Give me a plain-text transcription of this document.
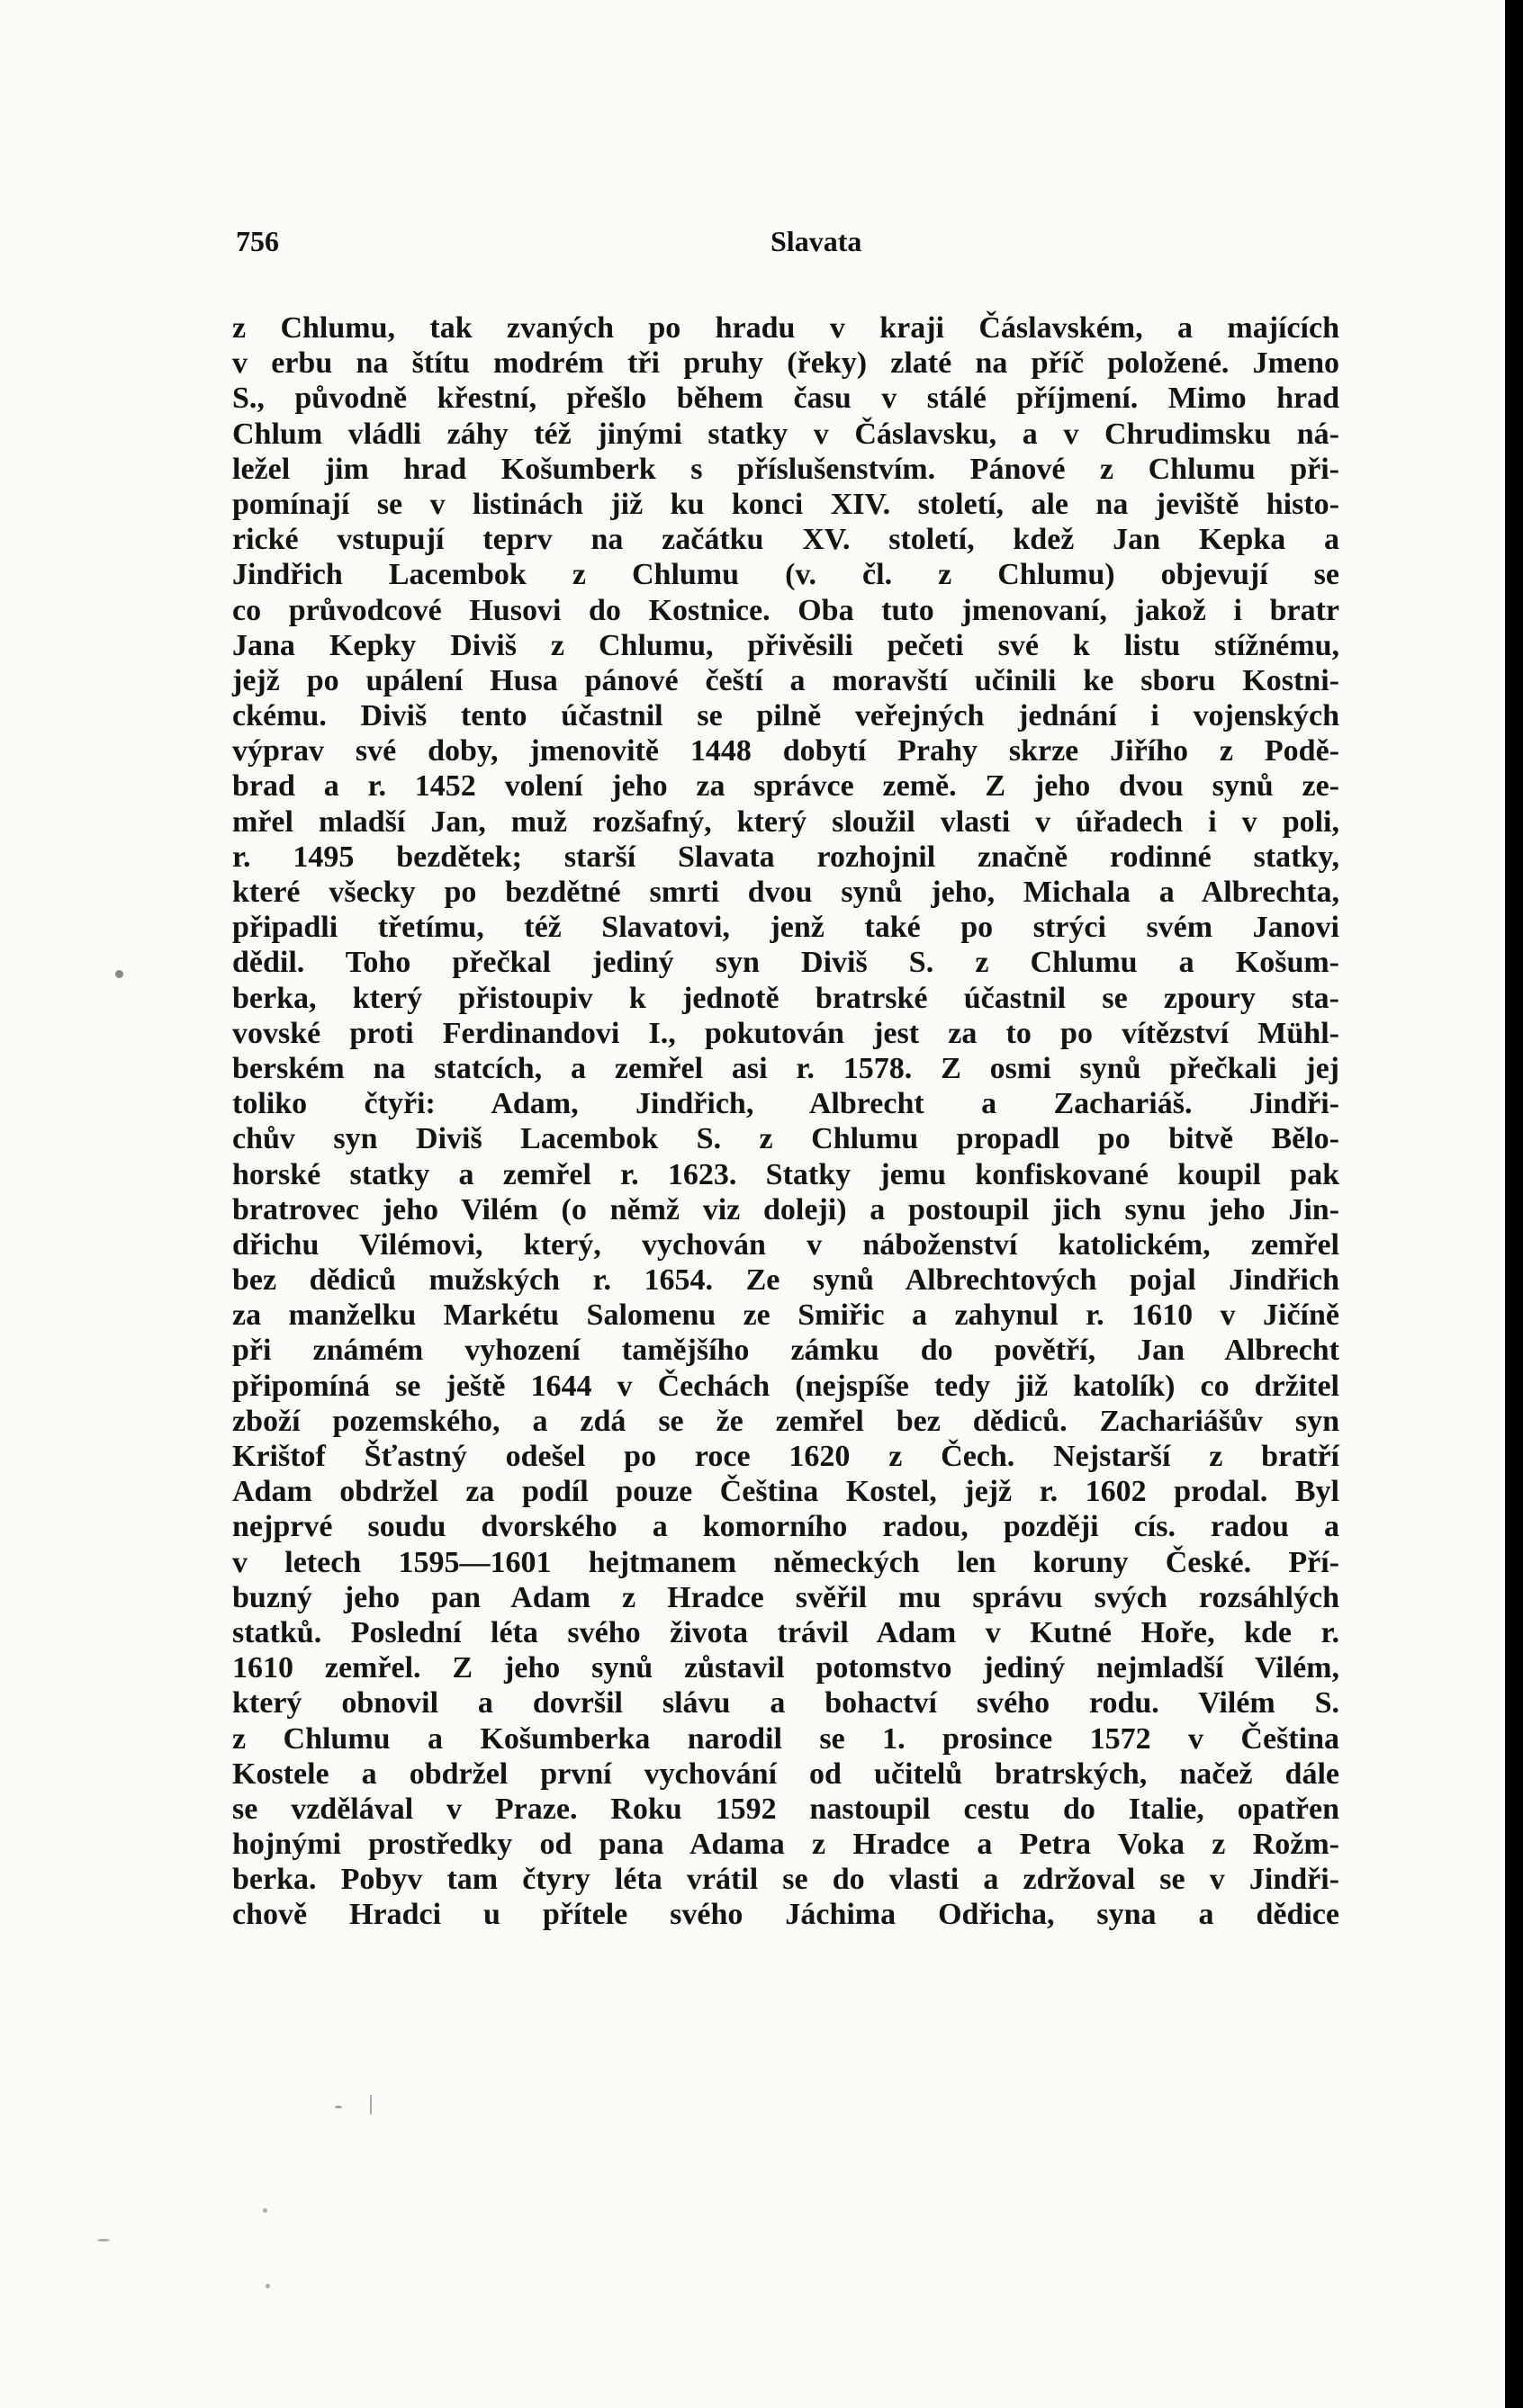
756	Slavata
z Chlumu, tak zvaných po hradu v kraji Čáslavském, a majících
v erbu na štítu modrém tři pruhy (řeky) zlaté na příč položené. Jmeno
S., původně křestní, přešlo během času v stálé příjmení. Mimo hrad
Chlum vládli záhy též jinými statky v Čáslavsku, a v Chrudimsku ná-
ležel jim hrad Košumberk s příslušenstvím. Pánové z Chlumu při-
pomínají se v listinách již ku konci XIV. století, ale na jeviště histo-
rické vstupují teprv na začátku XV. století, kdež Jan Kepka a
Jindřich Lacembok z Chlumu (v. čl. z Chlumu) objevují se
co průvodcové Husovi do Kostnice. Oba tuto jmenovaní, jakož i bratr
Jana Kepky Diviš z Chlumu, přivěsili pečeti své k listu stížnému,
jejž po upálení Husa pánové čeští a moravští učinili ke sboru Kostni-
ckému. Diviš tento účastnil se pilně veřejných jednání i vojenských
výprav své doby, jmenovitě 1448 dobytí Prahy skrze Jiřího z Podě-
brad a r. 1452 volení jeho za správce země. Z jeho dvou synů ze-
mřel mladší Jan, muž rozšafný, který sloužil vlasti v úřadech i v poli,
r. 1495 bezdětek; starší Slavata rozhojnil značně rodinné statky,
které všecky po bezdětné smrti dvou synů jeho, Michala a Albrechta,
připadli třetímu, též Slavatovi, jenž také po strýci svém Janovi
dědil. Toho přečkal jediný syn Diviš S. z Chlumu a Košum-
berka, který přistoupiv k jednotě bratrské účastnil se zpoury sta-
vovské proti Ferdinandovi I., pokutován jest za to po vítězství Mühl-
berském na statcích, a zemřel asi r. 1578. Z osmi synů přečkali jej
toliko čtyři: Adam, Jindřich, Albrecht a Zachariáš. Jindři-
chův syn Diviš Lacembok S. z Chlumu propadl po bitvě Bělo-
horské statky a zemřel r. 1623. Statky jemu konfiskované koupil pak
bratrovec jeho Vilém (o němž viz doleji) a postoupil jich synu jeho Jin-
dřichu Vilémovi, který, vychován v náboženství katolickém, zemřel
bez dědiců mužských r. 1654. Ze synů Albrechtových pojal Jindřich
za manželku Markétu Salomenu ze Smiřic a zahynul r. 1610 v Jičíně
při známém vyhození tamějšího zámku do povětří, Jan Albrecht
připomíná se ještě 1644 v Čechách (nejspíše tedy již katolík) co držitel
zboží pozemského, a zdá se že zemřel bez dědiců. Zachariášův syn
Krištof Šťastný odešel po roce 1620 z Čech. Nejstarší z bratří
Adam obdržel za podíl pouze Čeština Kostel, jejž r. 1602 prodal. Byl
nejprvé soudu dvorského a komorního radou, později cís. radou a
v letech 1595—1601 hejtmanem německých len koruny České. Pří-
buzný jeho pan Adam z Hradce svěřil mu správu svých rozsáhlých
statků. Poslední léta svého života trávil Adam v Kutné Hoře, kde r.
1610 zemřel. Z jeho synů zůstavil potomstvo jediný nejmladší Vilém,
který obnovil a dovršil slávu a bohactví svého rodu. Vilém S.
z Chlumu a Košumberka narodil se 1. prosince 1572 v Čeština
Kostele a obdržel první vychování od učitelů bratrských, načež dále
se vzdělával v Praze. Roku 1592 nastoupil cestu do Italie, opatřen
hojnými prostředky od pana Adama z Hradce a Petra Voka z Rožm-
berka. Pobyv tam čtyry léta vrátil se do vlasti a zdržoval se v Jindři-
chově Hradci u přítele svého Jáchima Odřicha, syna a dědice
